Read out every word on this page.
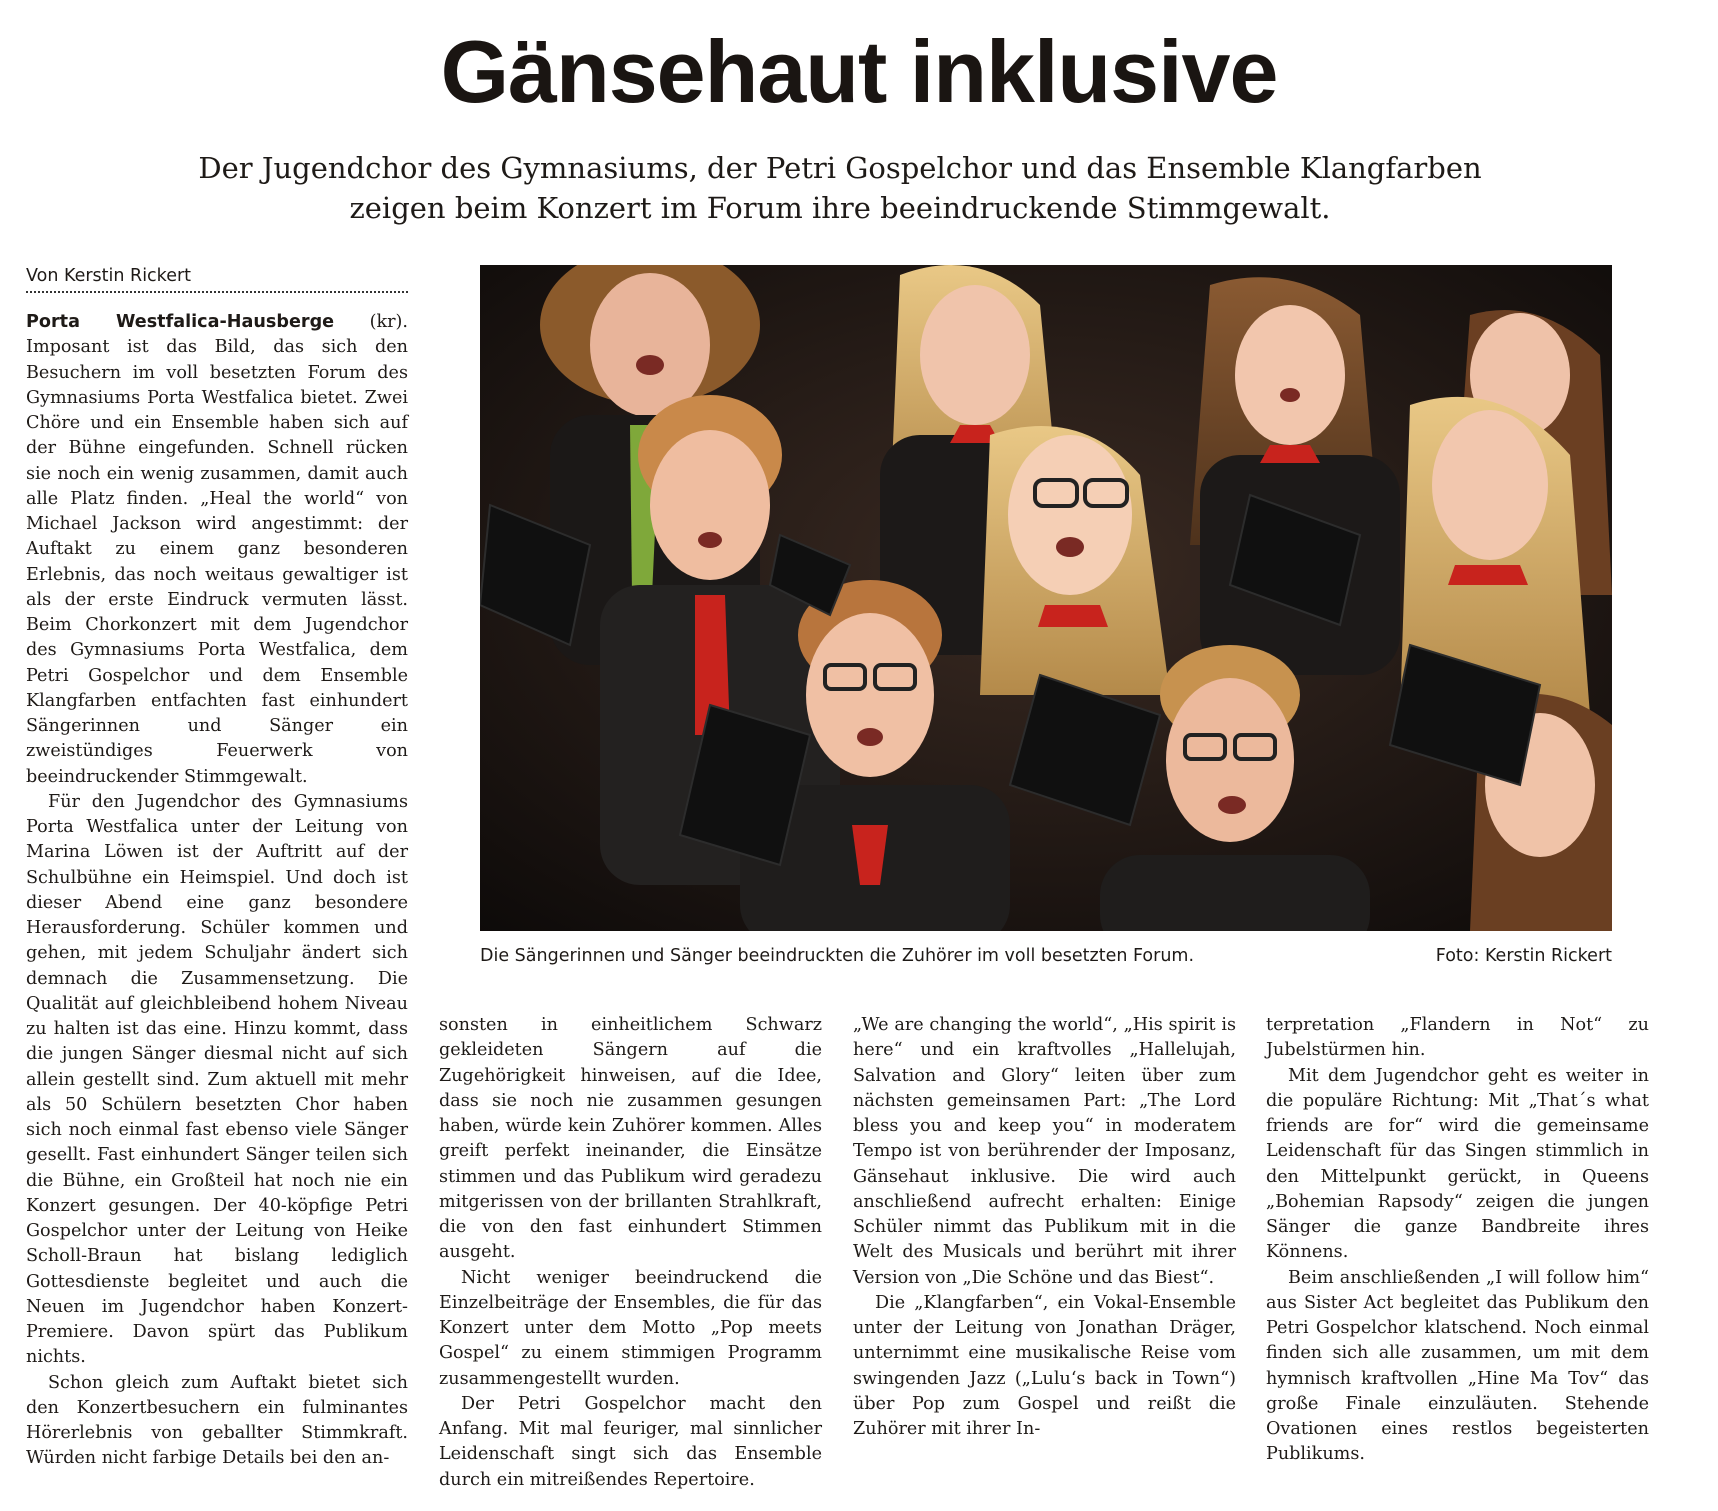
Gänsehaut inklusive
Der Jugendchor des Gymnasiums, der Petri Gospelchor und das Ensemble Klangfarben
zeigen beim Konzert im Forum ihre beeindruckende Stimmgewalt.
Von Kerstin Rickert

Porta Westfalica-Hausberge (kr). Imposant ist das Bild, das sich den Besuchern im voll besetzten Forum des Gymnasiums Porta Westfalica bietet. Zwei Chöre und ein Ensemble haben sich auf der Bühne eingefunden. Schnell rücken sie noch ein wenig zusammen, damit auch alle Platz finden. „Heal the world“ von Michael Jackson wird angestimmt: der Auftakt zu einem ganz besonderen Erlebnis, das noch weitaus gewaltiger ist als der erste Eindruck vermuten lässt. Beim Chorkonzert mit dem Jugendchor des Gymnasiums Porta Westfalica, dem Petri Gospelchor und dem Ensemble Klangfarben entfachten fast einhundert Sängerinnen und Sänger ein zweistündiges Feuerwerk von beeindruckender Stimmgewalt.

Für den Jugendchor des Gymnasiums Porta Westfalica unter der Leitung von Marina Löwen ist der Auftritt auf der Schulbühne ein Heimspiel. Und doch ist dieser Abend eine ganz besondere Herausforderung. Schüler kommen und gehen, mit jedem Schuljahr ändert sich demnach die Zusammensetzung. Die Qualität auf gleichbleibend hohem Niveau zu halten ist das eine. Hinzu kommt, dass die jungen Sänger diesmal nicht auf sich allein gestellt sind. Zum aktuell mit mehr als 50 Schülern besetzten Chor haben sich noch einmal fast ebenso viele Sänger gesellt. Fast einhundert Sänger teilen sich die Bühne, ein Großteil hat noch nie ein Konzert gesungen. Der 40-köpfige Petri Gospelchor unter der Leitung von Heike Scholl-Braun hat bislang lediglich Gottesdienste begleitet und auch die Neuen im Jugendchor haben Konzert-Premiere. Davon spürt das Publikum nichts.

Schon gleich zum Auftakt bietet sich den Konzertbesuchern ein fulminantes Hörerlebnis von geballter Stimmkraft. Würden nicht farbige Details bei den an-

Die Sängerinnen und Sänger beeindruckten die Zuhörer im voll besetzten Forum.	Foto: Kerstin Rickert

sonsten in einheitlichem Schwarz gekleideten Sängern auf die Zugehörigkeit hinweisen, auf die Idee, dass sie noch nie zusammen gesungen haben, würde kein Zuhörer kommen. Alles greift perfekt ineinander, die Einsätze stimmen und das Publikum wird geradezu mitgerissen von der brillanten Strahlkraft, die von den fast einhundert Stimmen ausgeht.

Nicht weniger beeindruckend die Einzelbeiträge der Ensembles, die für das Konzert unter dem Motto „Pop meets Gospel“ zu einem stimmigen Programm zusammengestellt wurden.

Der Petri Gospelchor macht den Anfang. Mit mal feuriger, mal sinnlicher Leidenschaft singt sich das Ensemble durch ein mitreißendes Repertoire.

„We are changing the world“, „His spirit is here“ und ein kraftvolles „Hallelujah, Salvation and Glory“ leiten über zum nächsten gemeinsamen Part: „The Lord bless you and keep you“ in moderatem Tempo ist von berührender der Imposanz, Gänsehaut inklusive. Die wird auch anschließend aufrecht erhalten: Einige Schüler nimmt das Publikum mit in die Welt des Musicals und berührt mit ihrer Version von „Die Schöne und das Biest“.

Die „Klangfarben“, ein Vokal-Ensemble unter der Leitung von Jonathan Dräger, unternimmt eine musikalische Reise vom swingenden Jazz („Lulu‘s back in Town“) über Pop zum Gospel und reißt die Zuhörer mit ihrer In-

terpretation „Flandern in Not“ zu Jubelstürmen hin.

Mit dem Jugendchor geht es weiter in die populäre Richtung: Mit „That´s what friends are for“ wird die gemeinsame Leidenschaft für das Singen stimmlich in den Mittelpunkt gerückt, in Queens „Bohemian Rapsody“ zeigen die jungen Sänger die ganze Bandbreite ihres Könnens.

Beim anschließenden „I will follow him“ aus Sister Act begleitet das Publikum den Petri Gospelchor klatschend. Noch einmal finden sich alle zusammen, um mit dem hymnisch kraftvollen „Hine Ma Tov“ das große Finale einzuläuten. Stehende Ovationen eines restlos begeisterten Publikums.
